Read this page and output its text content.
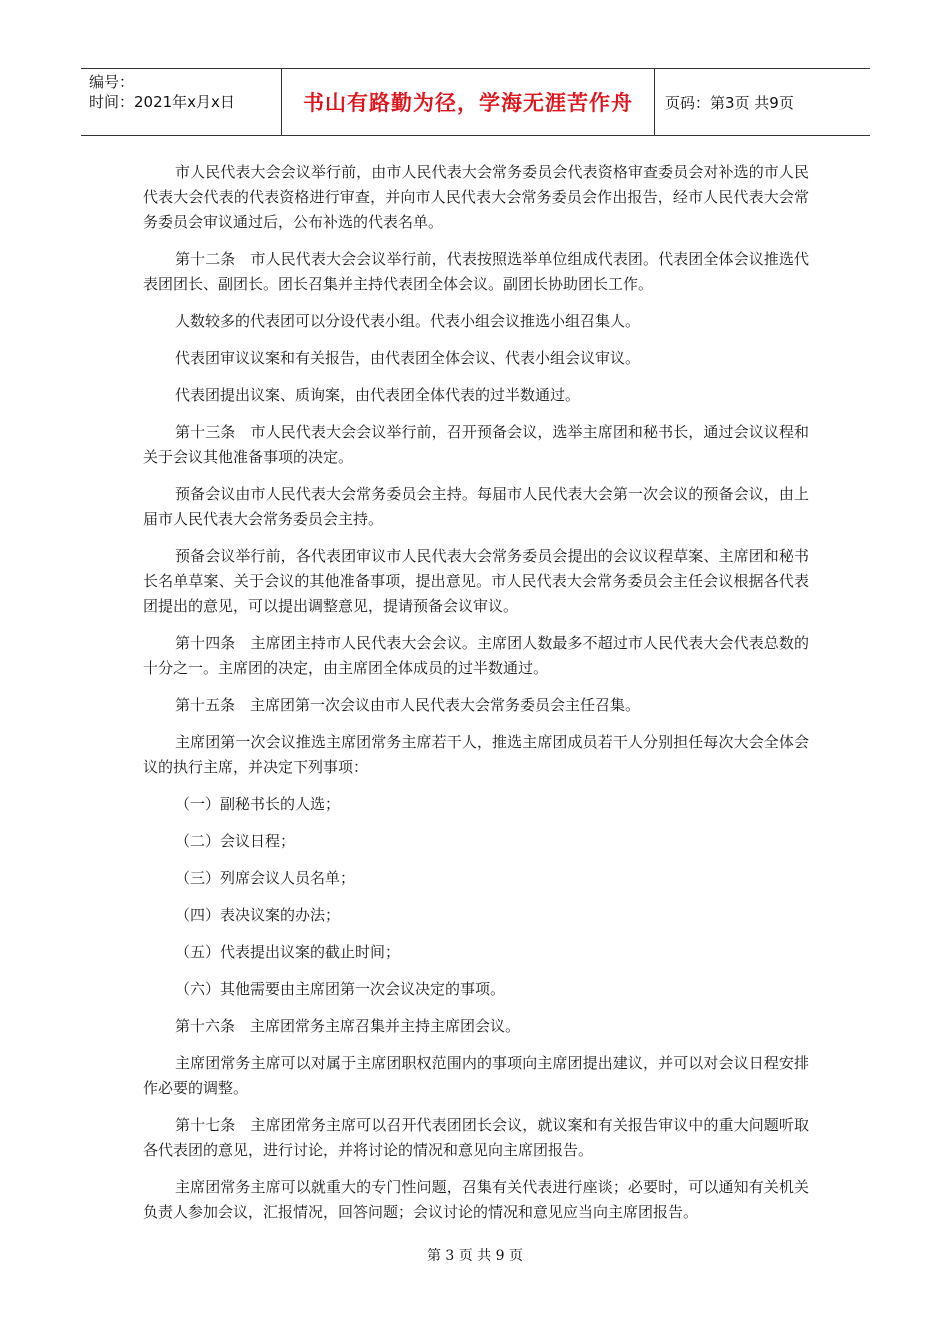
编号：
时间：2021年x月x日	书山有路勤为径，学海无涯苦作舟	页码：第3页 共9页

市人民代表大会会议举行前，由市人民代表大会常务委员会代表资格审查委员会对补选的市人民代表大会代表的代表资格进行审查，并向市人民代表大会常务委员会作出报告，经市人民代表大会常务委员会审议通过后，公布补选的代表名单。

第十二条　市人民代表大会会议举行前，代表按照选举单位组成代表团。代表团全体会议推选代表团团长、副团长。团长召集并主持代表团全体会议。副团长协助团长工作。

人数较多的代表团可以分设代表小组。代表小组会议推选小组召集人。

代表团审议议案和有关报告，由代表团全体会议、代表小组会议审议。

代表团提出议案、质询案，由代表团全体代表的过半数通过。

第十三条　市人民代表大会会议举行前，召开预备会议，选举主席团和秘书长，通过会议议程和关于会议其他准备事项的决定。

预备会议由市人民代表大会常务委员会主持。每届市人民代表大会第一次会议的预备会议，由上届市人民代表大会常务委员会主持。

预备会议举行前，各代表团审议市人民代表大会常务委员会提出的会议议程草案、主席团和秘书长名单草案、关于会议的其他准备事项，提出意见。市人民代表大会常务委员会主任会议根据各代表团提出的意见，可以提出调整意见，提请预备会议审议。

第十四条　主席团主持市人民代表大会会议。主席团人数最多不超过市人民代表大会代表总数的十分之一。主席团的决定，由主席团全体成员的过半数通过。

第十五条　主席团第一次会议由市人民代表大会常务委员会主任召集。

主席团第一次会议推选主席团常务主席若干人，推选主席团成员若干人分别担任每次大会全体会议的执行主席，并决定下列事项：

（一）副秘书长的人选；

（二）会议日程；

（三）列席会议人员名单；

（四）表决议案的办法；

（五）代表提出议案的截止时间；

（六）其他需要由主席团第一次会议决定的事项。

第十六条　主席团常务主席召集并主持主席团会议。

主席团常务主席可以对属于主席团职权范围内的事项向主席团提出建议，并可以对会议日程安排作必要的调整。

第十七条　主席团常务主席可以召开代表团团长会议，就议案和有关报告审议中的重大问题听取各代表团的意见，进行讨论，并将讨论的情况和意见向主席团报告。

主席团常务主席可以就重大的专门性问题，召集有关代表进行座谈；必要时，可以通知有关机关负责人参加会议，汇报情况，回答问题；会议讨论的情况和意见应当向主席团报告。

第 3 页 共 9 页
